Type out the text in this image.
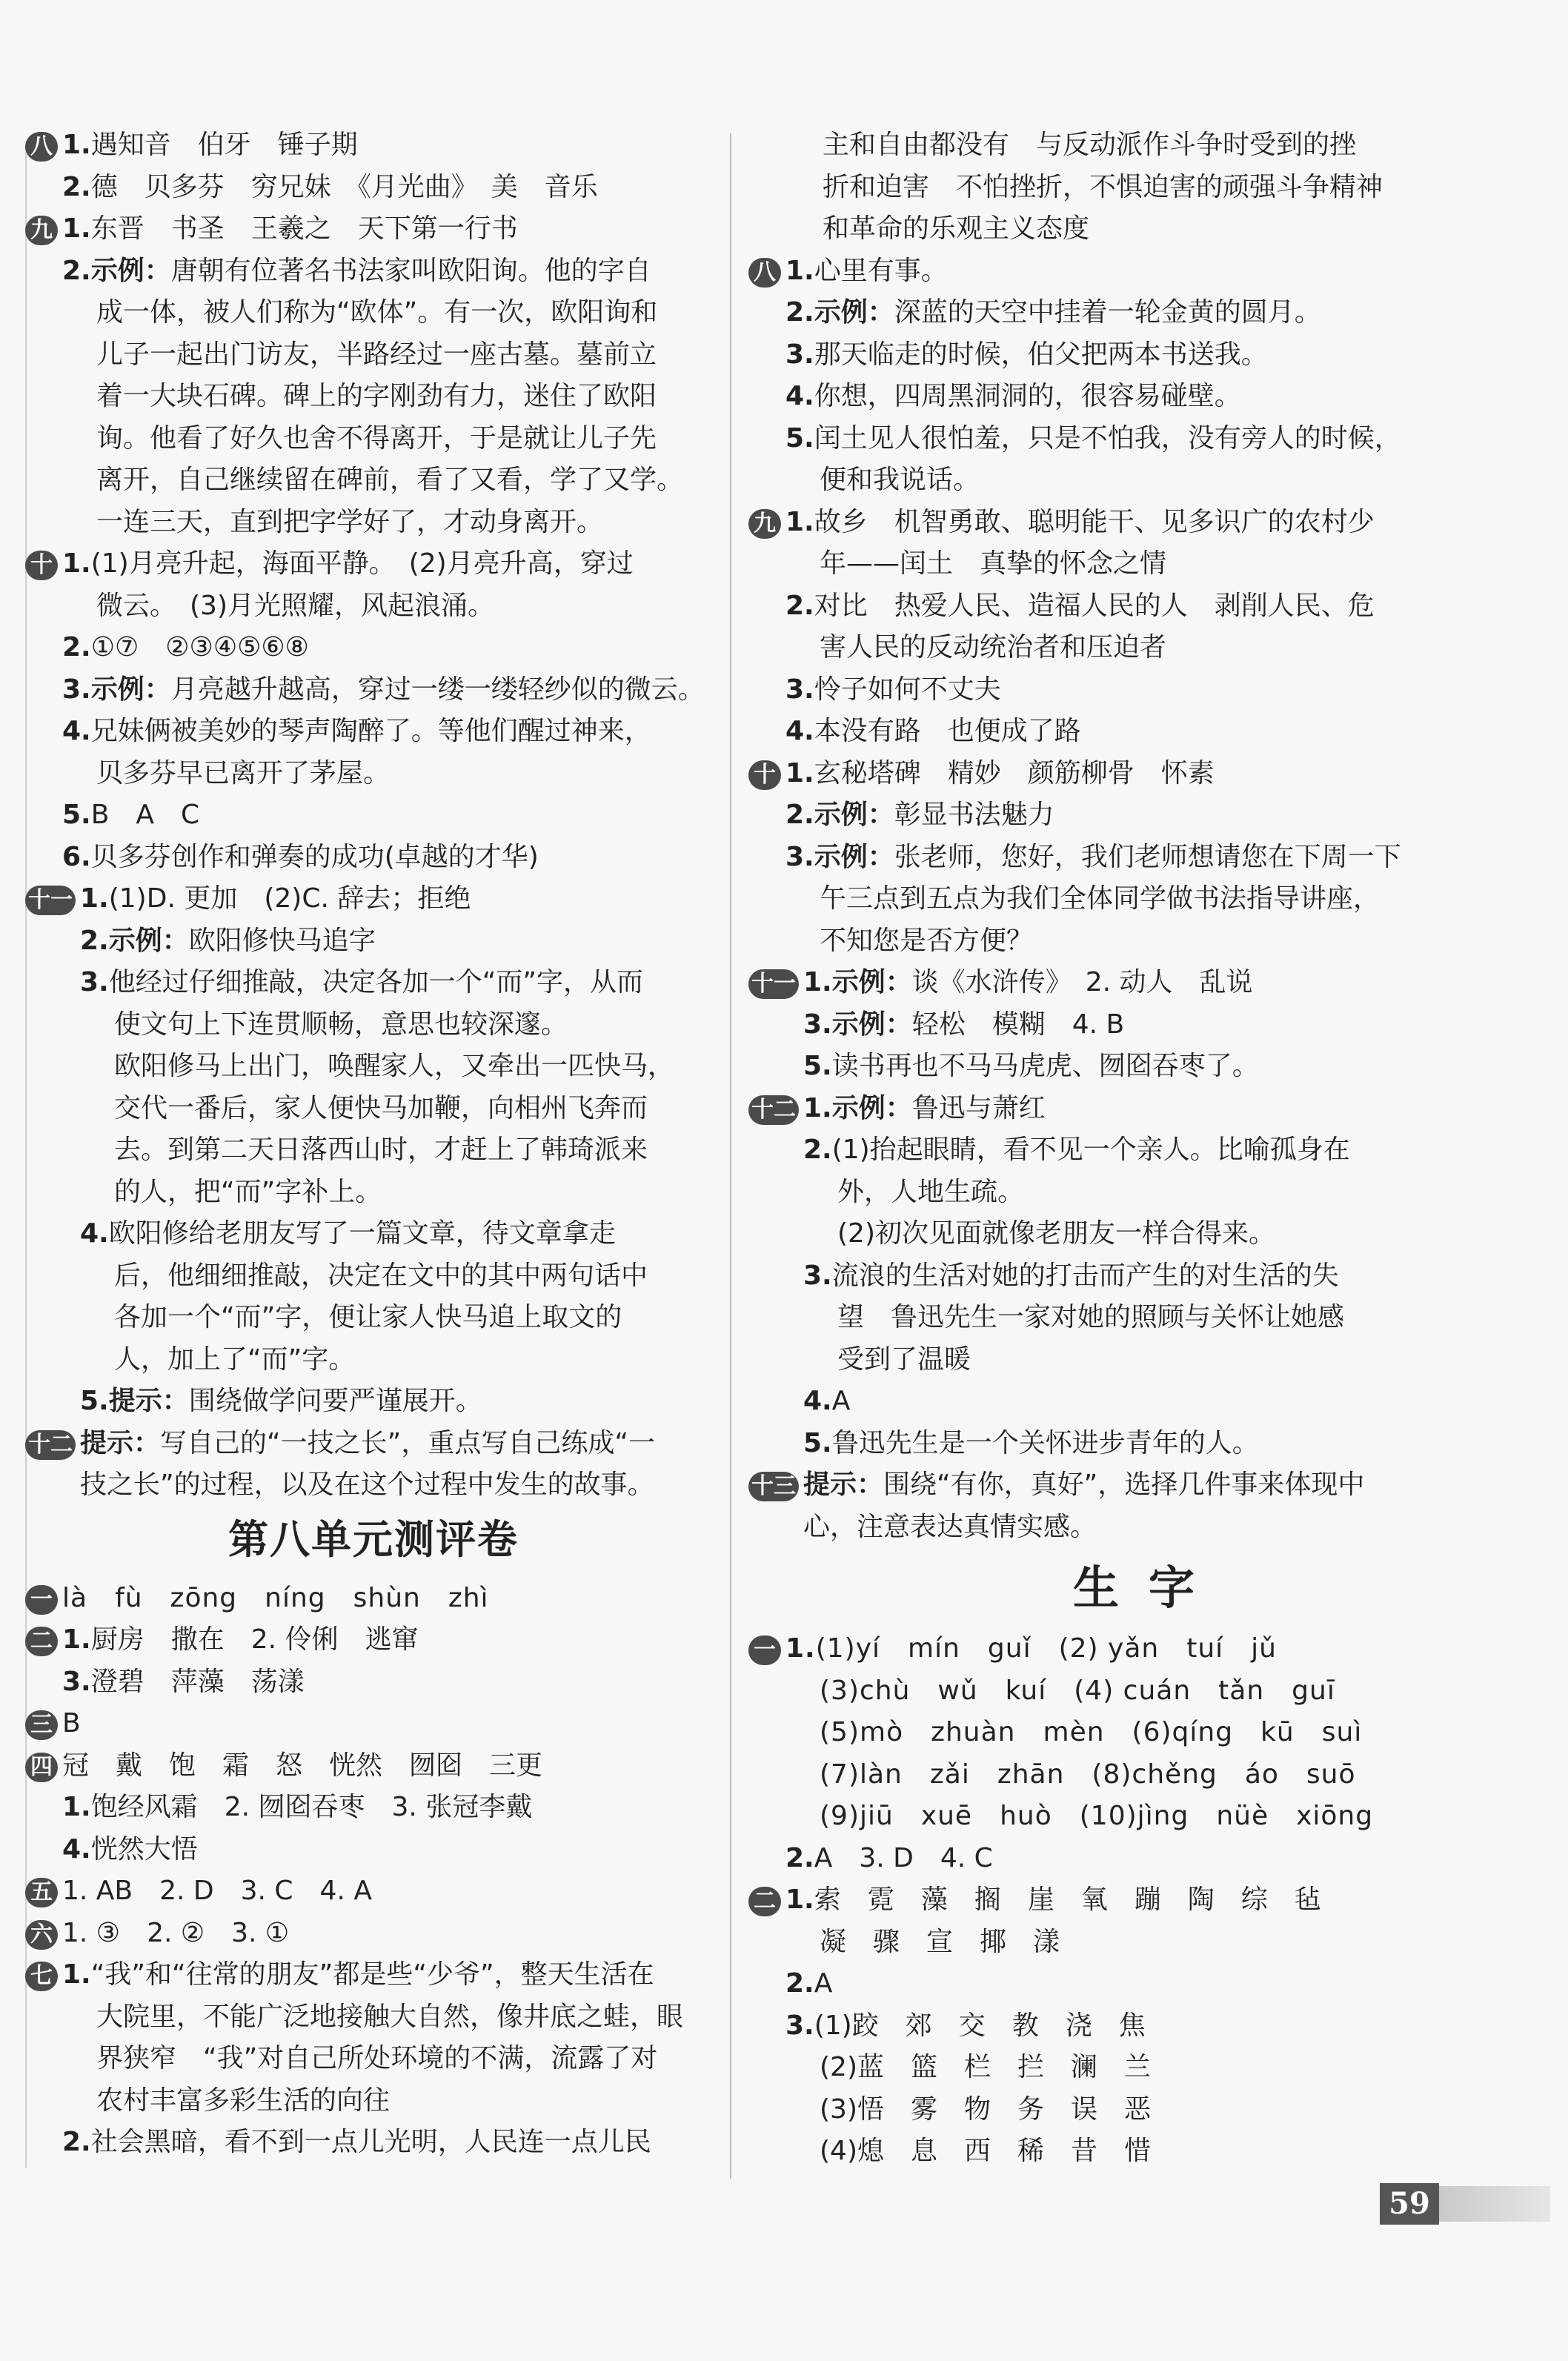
八 1. 遇知音　伯牙　锤子期
2. 德　贝多芬　穷兄妹　《月光曲》　美　音乐
九 1. 东晋　书圣　王羲之　天下第一行书
2. 示例：唐朝有位著名书法家叫欧阳询。他的字自
成一体，被人们称为“欧体”。有一次，欧阳询和
儿子一起出门访友，半路经过一座古墓。墓前立
着一大块石碑。碑上的字刚劲有力，迷住了欧阳
询。他看了好久也舍不得离开，于是就让儿子先
离开，自己继续留在碑前，看了又看，学了又学。
一连三天，直到把字学好了，才动身离开。
十 1. (1)月亮升起，海面平静。　(2)月亮升高，穿过
微云。　(3)月光照耀，风起浪涌。
2. ①⑦　②③④⑤⑥⑧
3. 示例：月亮越升越高，穿过一缕一缕轻纱似的微云。
4. 兄妹俩被美妙的琴声陶醉了。等他们醒过神来，
贝多芬早已离开了茅屋。
5. B　A　C
6. 贝多芬创作和弹奏的成功(卓越的才华)
十一 1. (1)D. 更加　(2)C. 辞去；拒绝
2. 示例：欧阳修快马追字
3. 他经过仔细推敲，决定各加一个“而”字，从而
使文句上下连贯顺畅，意思也较深邃。
欧阳修马上出门，唤醒家人，又牵出一匹快马，
交代一番后，家人便快马加鞭，向相州飞奔而
去。到第二天日落西山时，才赶上了韩琦派来
的人，把“而”字补上。
4. 欧阳修给老朋友写了一篇文章，待文章拿走
后，他细细推敲，决定在文中的其中两句话中
各加一个“而”字，便让家人快马追上取文的
人，加上了“而”字。
5. 提示：围绕做学问要严谨展开。
十二 提示：写自己的“一技之长”，重点写自己练成“一
技之长”的过程，以及在这个过程中发生的故事。
第八单元测评卷
一 là　fù　zōng　níng　shùn　zhì
二 1. 厨房　撒在　2. 伶俐　逃窜
3. 澄碧　萍藻　荡漾
三 B
四 冠　戴　饱　霜　怒　恍然　囫囵　三更
1. 饱经风霜　2. 囫囵吞枣　3. 张冠李戴
4. 恍然大悟
五 1. AB　2. D　3. C　4. A
六 1. ③　2. ②　3. ①
七 1. “我”和“往常的朋友”都是些“少爷”，整天生活在
大院里，不能广泛地接触大自然，像井底之蛙，眼
界狭窄　“我”对自己所处环境的不满，流露了对
农村丰富多彩生活的向往
2. 社会黑暗，看不到一点儿光明，人民连一点儿民
主和自由都没有　与反动派作斗争时受到的挫
折和迫害　不怕挫折，不惧迫害的顽强斗争精神
和革命的乐观主义态度
八 1. 心里有事。
2. 示例：深蓝的天空中挂着一轮金黄的圆月。
3. 那天临走的时候，伯父把两本书送我。
4. 你想，四周黑洞洞的，很容易碰壁。
5. 闰土见人很怕羞，只是不怕我，没有旁人的时候，
便和我说话。
九 1. 故乡　机智勇敢、聪明能干、见多识广的农村少
年——闰土　真挚的怀念之情
2. 对比　热爱人民、造福人民的人　剥削人民、危
害人民的反动统治者和压迫者
3. 怜子如何不丈夫
4. 本没有路　也便成了路
十 1. 玄秘塔碑　精妙　颜筋柳骨　怀素
2. 示例：彰显书法魅力
3. 示例：张老师，您好，我们老师想请您在下周一下
午三点到五点为我们全体同学做书法指导讲座，
不知您是否方便？
十一 1. 示例：谈《水浒传》　2. 动人　乱说
3. 示例：轻松　模糊　4. B
5. 读书再也不马马虎虎、囫囵吞枣了。
十二 1. 示例：鲁迅与萧红
2. (1)抬起眼睛，看不见一个亲人。比喻孤身在
外，人地生疏。
(2)初次见面就像老朋友一样合得来。
3. 流浪的生活对她的打击而产生的对生活的失
望　鲁迅先生一家对她的照顾与关怀让她感
受到了温暖
4. A
5. 鲁迅先生是一个关怀进步青年的人。
十三 提示：围绕“有你，真好”，选择几件事来体现中
心，注意表达真情实感。
生字
一 1. (1)yí　mín　guǐ　(2) yǎn　tuí　jǔ
(3)chù　wǔ　kuí　(4) cuán　tǎn　guī
(5)mò　zhuàn　mèn　(6)qíng　kū　suì
(7)làn　zǎi　zhān　(8)chěng　áo　suō
(9)jiū　xuē　huò　(10)jìng　nüè　xiōng
2. A　3. D　4. C
二 1. 索　霓　藻　搁　崖　氧　蹦　陶　综　毡
凝　骤　宣　揶　漾
2. A
3. (1)跤　郊　交　教　浇　焦
(2)蓝　篮　栏　拦　澜　兰
(3)悟　雾　物　务　误　恶
(4)熄　息　西　稀　昔　惜
59
